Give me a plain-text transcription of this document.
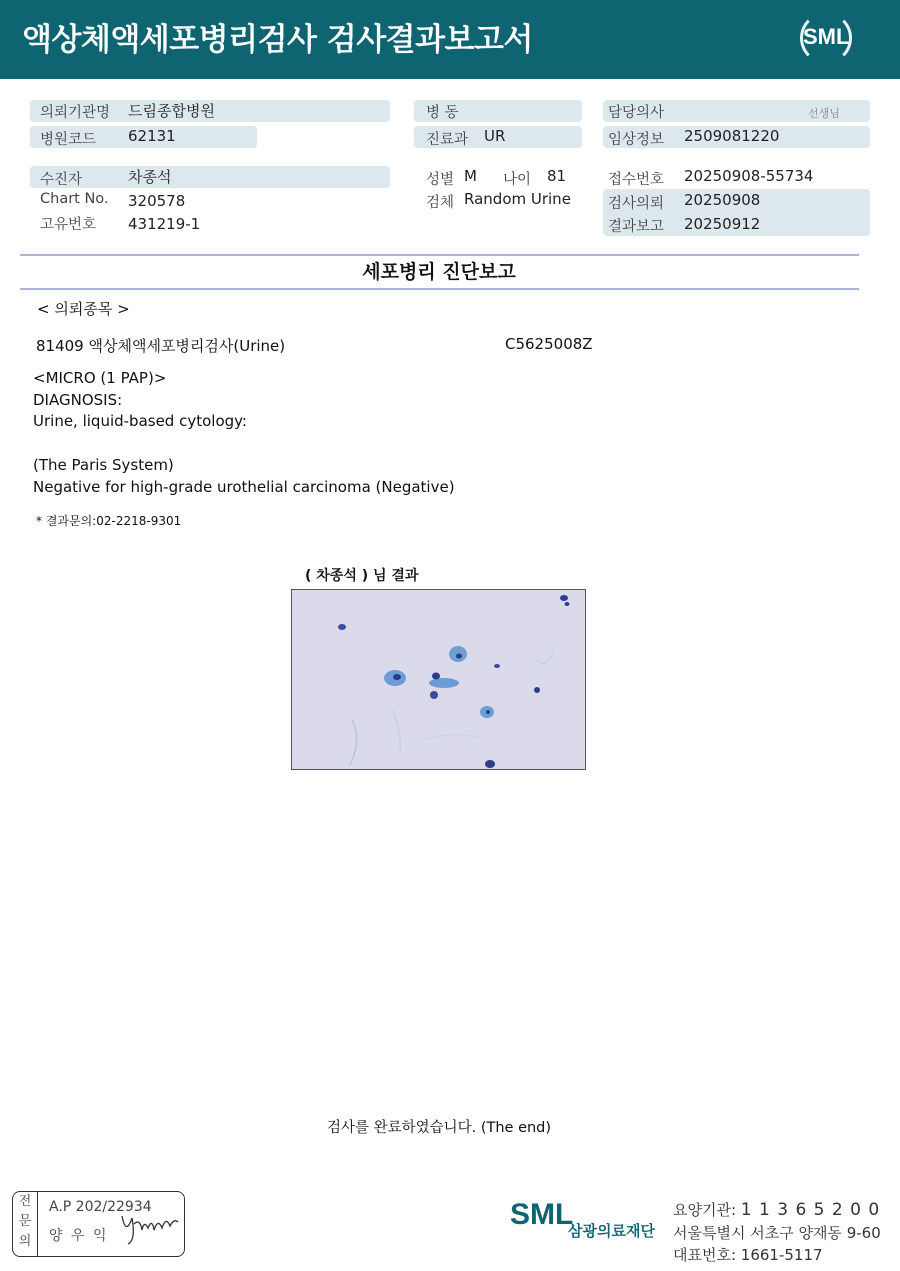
액상체액세포병리검사 검사결과보고서	SML
의뢰기관명 드림종합병원
병원코드 62131
수진자	차종석
Chart No. 320578
고유번호 431219-1
병 동
진료과 UR
성별 M 나이 81
검체 Random Urine
담당의사	선생님
임상정보 2509081220
접수번호 20250908-55734
검사의뢰 20250908
결과보고 20250912
세포병리 진단보고
< 의뢰종목 >
81409 액상체액세포병리검사(Urine)	C5625008Z
<MICRO (1 PAP)>
DIAGNOSIS:
Urine, liquid-based cytology:
(The Paris System)
Negative for high-grade urothelial carcinoma (Negative)
* 결과문의:02-2218-9301
( 차종석 ) 님 결과
검사를 완료하였습니다. (The end)
전
문
의
A.P 202/22934
양 우 익
SML
삼광의료재단
요양기관: 1 1 3 6 5 2 0 0
서울특별시 서초구 양재동 9-60
대표번호: 1661-5117
